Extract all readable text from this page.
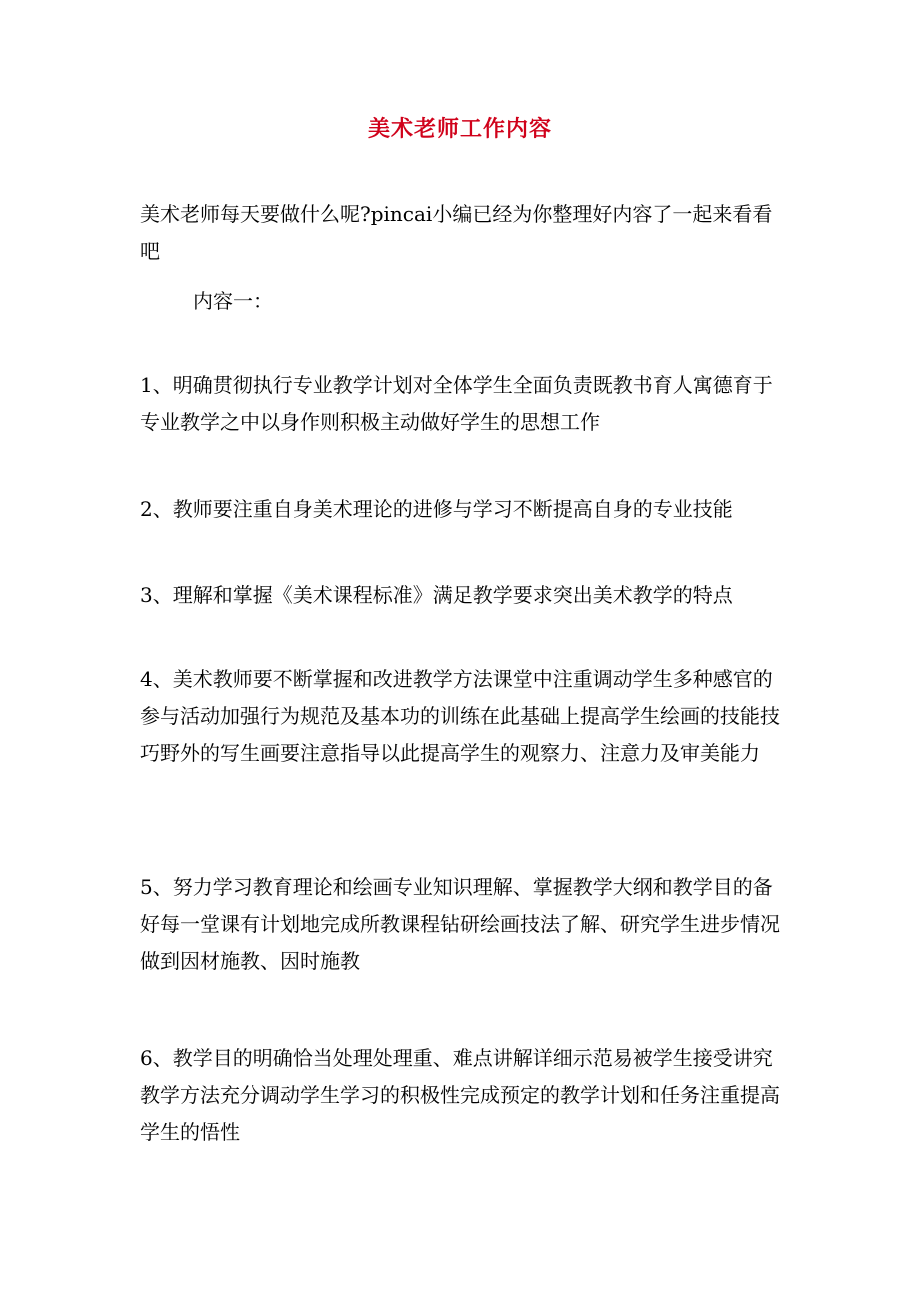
美术老师工作内容

美术老师每天要做什么呢?pincai小编已经为你整理好内容了一起来看看吧

内容一：

1、明确贯彻执行专业教学计划对全体学生全面负责既教书育人寓德育于专业教学之中以身作则积极主动做好学生的思想工作

2、教师要注重自身美术理论的进修与学习不断提高自身的专业技能

3、理解和掌握《美术课程标准》满足教学要求突出美术教学的特点

4、美术教师要不断掌握和改进教学方法课堂中注重调动学生多种感官的参与活动加强行为规范及基本功的训练在此基础上提高学生绘画的技能技巧野外的写生画要注意指导以此提高学生的观察力、注意力及审美能力

5、努力学习教育理论和绘画专业知识理解、掌握教学大纲和教学目的备好每一堂课有计划地完成所教课程钻研绘画技法了解、研究学生进步情况做到因材施教、因时施教

6、教学目的明确恰当处理处理重、难点讲解详细示范易被学生接受讲究教学方法充分调动学生学习的积极性完成预定的教学计划和任务注重提高学生的悟性
